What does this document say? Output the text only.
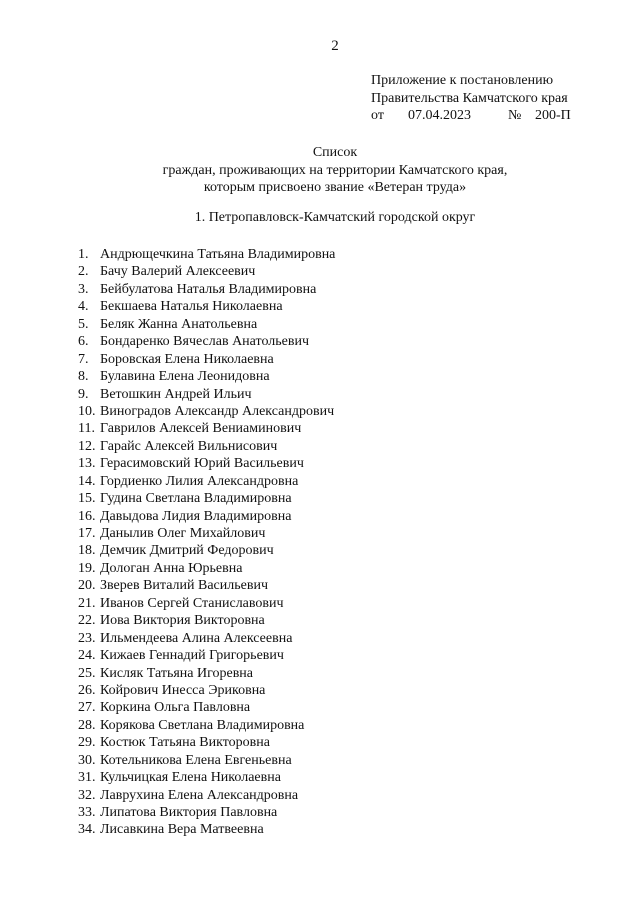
2
Приложение к постановлению
Правительства Камчатского края
от	07.04.2023	№ 200-П
Список
граждан, проживающих на территории Камчатского края,
которым присвоено звание «Ветеран труда»
1. Петропавловск-Камчатский городской округ
1. Андрющечкина Татьяна Владимировна
2. Бачу Валерий Алексеевич
3. Бейбулатова Наталья Владимировна
4. Бекшаева Наталья Николаевна
5. Беляк Жанна Анатольевна
6. Бондаренко Вячеслав Анатольевич
7. Боровская Елена Николаевна
8. Булавина Елена Леонидовна
9. Ветошкин Андрей Ильич
10. Виноградов Александр Александрович
11. Гаврилов Алексей Вениаминович
12. Гарайс Алексей Вильнисович
13. Герасимовский Юрий Васильевич
14. Гордиенко Лилия Александровна
15. Гудина Светлана Владимировна
16. Давыдова Лидия Владимировна
17. Данылив Олег Михайлович
18. Демчик Дмитрий Федорович
19. Дологан Анна Юрьевна
20. Зверев Виталий Васильевич
21. Иванов Сергей Станиславович
22. Иова Виктория Викторовна
23. Ильмендеева Алина Алексеевна
24. Кижаев Геннадий Григорьевич
25. Кисляк Татьяна Игоревна
26. Койрович Инесса Эриковна
27. Коркина Ольга Павловна
28. Корякова Светлана Владимировна
29. Костюк Татьяна Викторовна
30. Котельникова Елена Евгеньевна
31. Кульчицкая Елена Николаевна
32. Лаврухина Елена Александровна
33. Липатова Виктория Павловна
34. Лисавкина Вера Матвеевна
